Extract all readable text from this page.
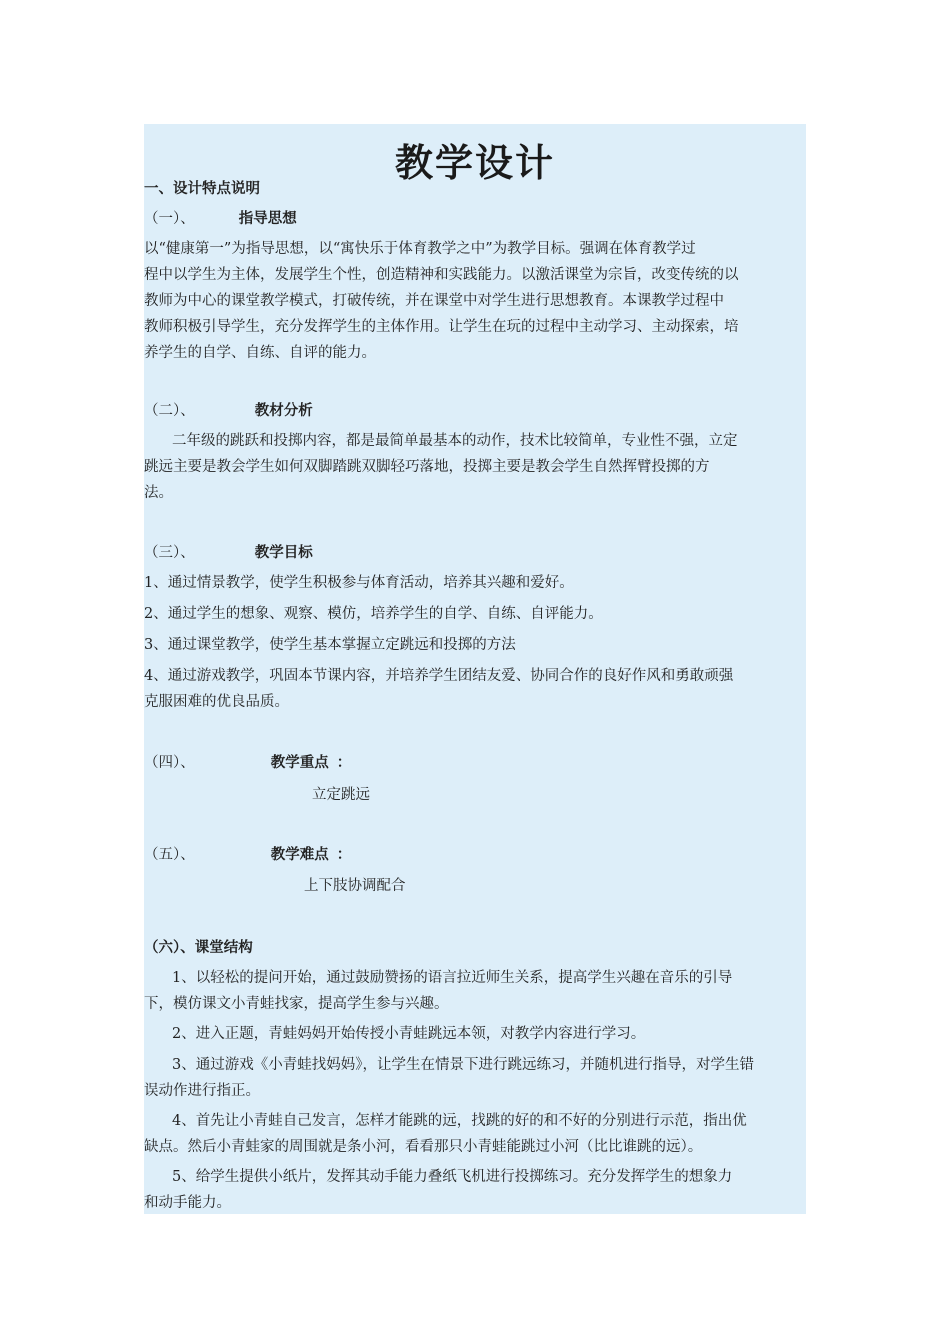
教学设计
一、设计特点说明
（一）、	指导思想
以“健康第一”为指导思想，以“寓快乐于体育教学之中”为教学目标。强调在体育教学过
程中以学生为主体，发展学生个性，创造精神和实践能力。以激活课堂为宗旨，改变传统的以
教师为中心的课堂教学模式，打破传统，并在课堂中对学生进行思想教育。本课教学过程中
教师积极引导学生，充分发挥学生的主体作用。让学生在玩的过程中主动学习、主动探索，培
养学生的自学、自练、自评的能力。
（二）、	教材分析
二年级的跳跃和投掷内容，都是最简单最基本的动作，技术比较简单，专业性不强，立定
跳远主要是教会学生如何双脚踏跳双脚轻巧落地，投掷主要是教会学生自然挥臂投掷的方
法。
（三）、	教学目标
1、通过情景教学，使学生积极参与体育活动，培养其兴趣和爱好。
2、通过学生的想象、观察、模仿，培养学生的自学、自练、自评能力。
3、通过课堂教学，使学生基本掌握立定跳远和投掷的方法
4、通过游戏教学，巩固本节课内容，并培养学生团结友爱、协同合作的良好作风和勇敢顽强
克服困难的优良品质。
（四）、	教学重点 ：
立定跳远
（五）、	教学难点 ：
上下肢协调配合
（六）、课堂结构
1、以轻松的提问开始，通过鼓励赞扬的语言拉近师生关系，提高学生兴趣在音乐的引导
下，模仿课文小青蛙找家，提高学生参与兴趣。
2、进入正题，青蛙妈妈开始传授小青蛙跳远本领，对教学内容进行学习。
3、通过游戏《小青蛙找妈妈》，让学生在情景下进行跳远练习，并随机进行指导，对学生错
误动作进行指正。
4、首先让小青蛙自己发言，怎样才能跳的远，找跳的好的和不好的分别进行示范，指出优
缺点。然后小青蛙家的周围就是条小河，看看那只小青蛙能跳过小河（比比谁跳的远）。
5、给学生提供小纸片，发挥其动手能力叠纸飞机进行投掷练习。充分发挥学生的想象力
和动手能力。
